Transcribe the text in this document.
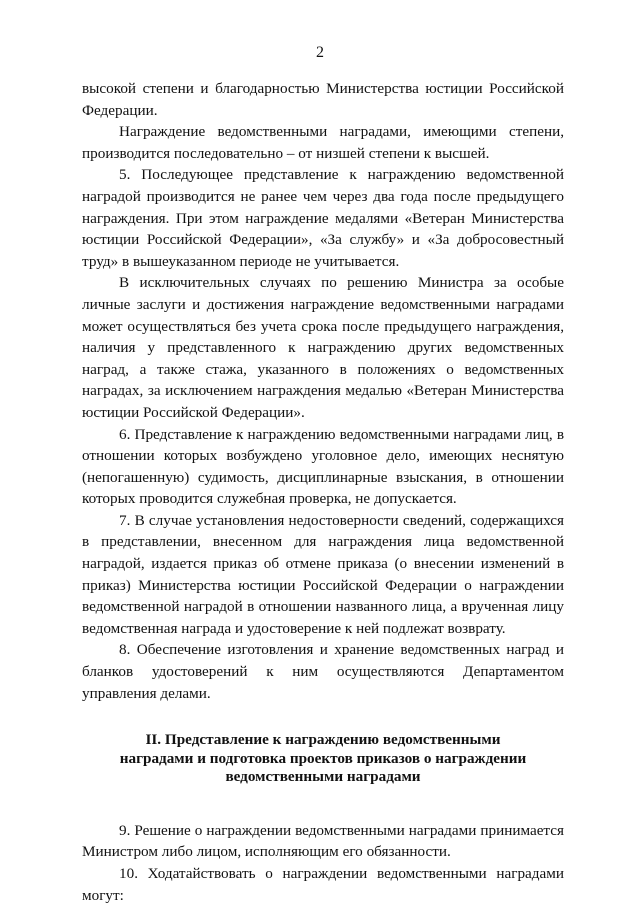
2

высокой степени и благодарностью Министерства юстиции Российской Федерации.

Награждение ведомственными наградами, имеющими степени, производится последовательно – от низшей степени к высшей.

5. Последующее представление к награждению ведомственной наградой производится не ранее чем через два года после предыдущего награждения. При этом награждение медалями «Ветеран Министерства юстиции Российской Федерации», «За службу» и «За добросовестный труд» в вышеуказанном периоде не учитывается.

В исключительных случаях по решению Министра за особые личные заслуги и достижения награждение ведомственными наградами может осуществляться без учета срока после предыдущего награждения, наличия у представленного к награждению других ведомственных наград, а также стажа, указанного в положениях о ведомственных наградах, за исключением награждения медалью «Ветеран Министерства юстиции Российской Федерации».

6. Представление к награждению ведомственными наградами лиц, в отношении которых возбуждено уголовное дело, имеющих неснятую (непогашенную) судимость, дисциплинарные взыскания, в отношении которых проводится служебная проверка, не допускается.

7. В случае установления недостоверности сведений, содержащихся в представлении, внесенном для награждения лица ведомственной наградой, издается приказ об отмене приказа (о внесении изменений в приказ) Министерства юстиции Российской Федерации о награждении ведомственной наградой в отношении названного лица, а врученная лицу ведомственная награда и удостоверение к ней подлежат возврату.

8. Обеспечение изготовления и хранение ведомственных наград и бланков удостоверений к ним осуществляются Департаментом управления делами.

II. Представление к награждению ведомственными
наградами и подготовка проектов приказов о награждении
ведомственными наградами

9. Решение о награждении ведомственными наградами принимается Министром либо лицом, исполняющим его обязанности.

10. Ходатайствовать о награждении ведомственными наградами могут:
